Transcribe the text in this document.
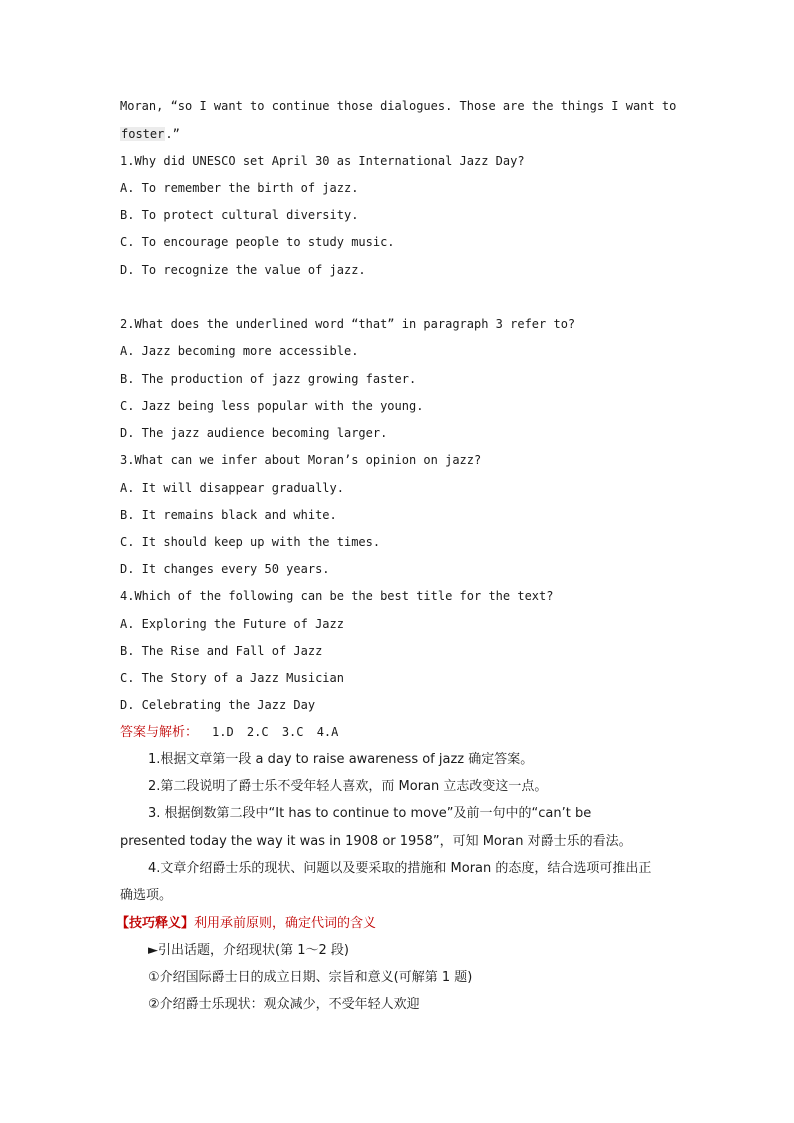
Moran, “so I want to continue those dialogues. Those are the things I want to
foster.”
1.Why did UNESCO set April 30 as International Jazz Day?
A. To remember the birth of jazz.
B. To protect cultural diversity.
C. To encourage people to study music.
D. To recognize the value of jazz.
2.What does the underlined word “that” in paragraph 3 refer to?
A. Jazz becoming more accessible.
B. The production of jazz growing faster.
C. Jazz being less popular with the young.
D. The jazz audience becoming larger.
3.What can we infer about Moran’s opinion on jazz?
A. It will disappear gradually.
B. It remains black and white.
C. It should keep up with the times.
D. It changes every 50 years.
4.Which of the following can be the best title for the text?
A. Exploring the Future of Jazz
B. The Rise and Fall of Jazz
C. The Story of a Jazz Musician
D. Celebrating the Jazz Day
答案与解析： 1.D 2.C 3.C 4.A
1.根据文章第一段 a day to raise awareness of jazz 确定答案。
2.第二段说明了爵士乐不受年轻人喜欢，而 Moran 立志改变这一点。
3. 根据倒数第二段中“It has to continue to move”及前一句中的“can’t be
presented today the way it was in 1908 or 1958”，可知 Moran 对爵士乐的看法。
4.文章介绍爵士乐的现状、问题以及要采取的措施和 Moran 的态度，结合选项可推出正
确选项。
【技巧释义】利用承前原则，确定代词的含义
►引出话题，介绍现状(第 1～2 段)
①介绍国际爵士日的成立日期、宗旨和意义(可解第 1 题)
②介绍爵士乐现状：观众减少，不受年轻人欢迎
